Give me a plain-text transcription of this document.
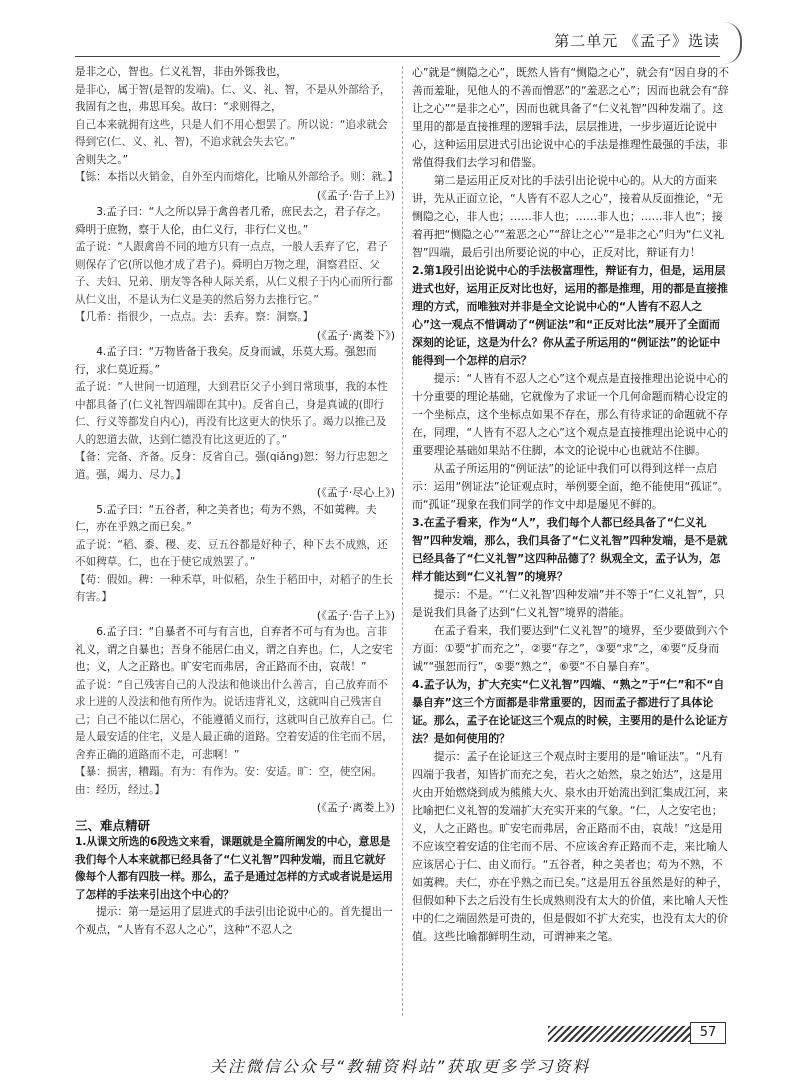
第二单元 《孟子》选读

是非之心，智也。仁义礼智，非由外铄我也，

是非心，属于智(是智的发端)。仁、义、礼、智，不是从外部给予，

我固有之也，弗思耳矣。故曰：“求则得之，

自己本来就拥有这些，只是人们不用心想罢了。所以说：“追求就会得到它(仁、义、礼、智)，不追求就会失去它。”

舍则失之。”

【铄：本指以火销金，自外至内而熔化，比喻从外部给予。则：就。】

(《孟子·告子上》)

3.孟子曰：“人之所以异于禽兽者几希，庶民去之，君子存之。舜明于庶物，察于人伦，由仁义行，非行仁义也。”

孟子说：“人跟禽兽不同的地方只有一点点，一般人丢弃了它，君子则保存了它(所以他才成了君子)。舜明白万物之理，洞察君臣、父子、夫妇、兄弟、朋友等各种人际关系，从仁义根子于内心而所行都从仁义出，不是认为仁义是美的然后努力去推行它。”

【几希：指很少，一点点。去：丢弃。察：洞察。】

(《孟子·离娄下》)

4.孟子曰：“万物皆备于我矣。反身而诚，乐莫大焉。强恕而行，求仁莫近焉。”

孟子说：“人世间一切道理，大到君臣父子小到日常琐事，我的本性中都具备了(仁义礼智四端即在其中)。反省自己，身是真诚的(即行仁、行义等都发自内心)，再没有比这更大的快乐了。竭力以推己及人的恕道去做，达到仁德没有比这更近的了。”

【备：完备、齐备。反身：反省自己。强(qiǎng)恕：努力行忠恕之道。强，竭力、尽力。】

(《孟子·尽心上》)

5.孟子曰：“五谷者，种之美者也；苟为不熟，不如荑稗。夫仁，亦在乎熟之而已矣。”

孟子说：“稻、黍、稷、麦、豆五谷都是好种子，种下去不成熟，还不如稗草。仁，也在于使它成熟罢了。”

【苟：假如。稗：一种禾草，叶似稻，杂生于稻田中，对稻子的生长有害。】

(《孟子·告子上》)

6.孟子曰：“自暴者不可与有言也，自弃者不可与有为也。言非礼义，谓之自暴也；吾身不能居仁由义，谓之自弃也。仁，人之安宅也；义，人之正路也。旷安宅而弗居，舍正路而不由，哀哉！”

孟子说：“自己残害自己的人没法和他谈出什么善言，自己放弃而不求上进的人没法和他有所作为。说话违背礼义，这就叫自己残害自己；自己不能以仁居心，不能遵循义而行，这就叫自己放弃自己。仁是人最安适的住宅，义是人最正确的道路。空着安适的住宅而不居，舍弃正确的道路而不走，可悲啊！”

【暴：损害，糟蹋。有为：有作为。安：安适。旷：空，使空闲。由：经历，经过。】

(《孟子·离娄上》)

三、难点精研

1.从课文所选的6段选文来看，课题就是全篇所阐发的中心，意思是我们每个人本来就都已经具备了“仁义礼智”四种发端，而且它就好像每个人都有四肢一样。那么，孟子是通过怎样的方式或者说是运用了怎样的手法来引出这个中心的？

提示：第一是运用了层进式的手法引出论说中心的。首先提出一个观点，“人皆有不忍人之心”，这种“不忍人之

心”就是“恻隐之心”，既然人皆有“恻隐之心”，就会有“因自身的不善而羞耻，见他人的不善而憎恶”的“羞恶之心”；因而也就会有“辞让之心”“是非之心”，因而也就具备了“仁义礼智”四种发端了。这里用的都是直接推理的逻辑手法，层层推进，一步步逼近论说中心，这种运用层进式引出论说中心的手法是推理性最强的手法，非常值得我们去学习和借鉴。

第二是运用正反对比的手法引出论说中心的。从大的方面来讲，先从正面立论，“人皆有不忍人之心”，接着从反面推论，“无恻隐之心，非人也；……非人也；……非人也；……非人也”；接着再把“恻隐之心”“羞恶之心”“辞让之心”“是非之心”归为“仁义礼智”四端，最后引出所要论说的中心，正反对比，辩证有力！

2.第1段引出论说中心的手法极富理性，辩证有力，但是，运用层进式也好，运用正反对比也好，运用的都是推理，用的都是直接推理的方式，而唯独对并非是全文论说中心的“人皆有不忍人之心”这一观点不惜调动了“例证法”和“正反对比法”展开了全面而深刻的论证，这是为什么？你从孟子所运用的“例证法”的论证中能得到一个怎样的启示？

提示：“人皆有不忍人之心”这个观点是直接推理出论说中心的十分重要的理论基础，它就像为了求证一个几何命题而精心设定的一个坐标点，这个坐标点如果不存在，那么有待求证的命题就不存在，同理，“人皆有不忍人之心”这个观点是直接推理出论说中心的重要理论基础如果站不住脚，本文的论说中心也就站不住脚。

从孟子所运用的“例证法”的论证中我们可以得到这样一点启示：运用“例证法”论证观点时，举例要全面，绝不能使用“孤证”。而“孤证”现象在我们同学的作文中却是屡见不鲜的。

3.在孟子看来，作为“人”，我们每个人都已经具备了“仁义礼智”四种发端，那么，我们具备了“仁义礼智”四种发端，是不是就已经具备了“仁义礼智”这四种品德了？纵观全文，孟子认为，怎样才能达到“仁义礼智”的境界？

提示：不是。“‘仁义礼智’四种发端”并不等于“仁义礼智”，只是说我们具备了达到“仁义礼智”境界的潜能。

在孟子看来，我们要达到“仁义礼智”的境界，至少要做到六个方面：①要“扩而充之”，②要“存之”，③要“求”之，④要“反身而诚”“强恕而行”，⑤要“熟之”，⑥要“不自暴自弃”。

4.孟子认为，扩大充实“仁义礼智”四端、“熟之”于“仁”和不“自暴自弃”这三个方面都是非常重要的，因而孟子都进行了具体论证。那么，孟子在论证这三个观点的时候，主要用的是什么论证方法？是如何使用的？

提示：孟子在论证这三个观点时主要用的是“喻证法”。“凡有四端于我者，知皆扩而充之矣，若火之始然，泉之始达”，这是用火由开始燃烧到成为熊熊大火、泉水由开始流出到汇集成江河，来比喻把仁义礼智的发端扩大充实开来的气象。“仁，人之安宅也；义，人之正路也。旷安宅而弗居，舍正路而不由，哀哉！”这是用不应该空着安适的住宅而不居、不应该舍弃正路而不走，来比喻人应该居心于仁、由义而行。“五谷者，种之美者也；苟为不熟，不如荑稗。夫仁，亦在乎熟之而已矣。”这是用五谷虽然是好的种子，但假如种下去之后没有生长成熟则没有太大的价值，来比喻人天性中的仁之端固然是可贵的，但是假如不扩大充实，也没有太大的价值。这些比喻都鲜明生动，可谓神来之笔。

57
关注微信公众号“教辅资料站”获取更多学习资料
